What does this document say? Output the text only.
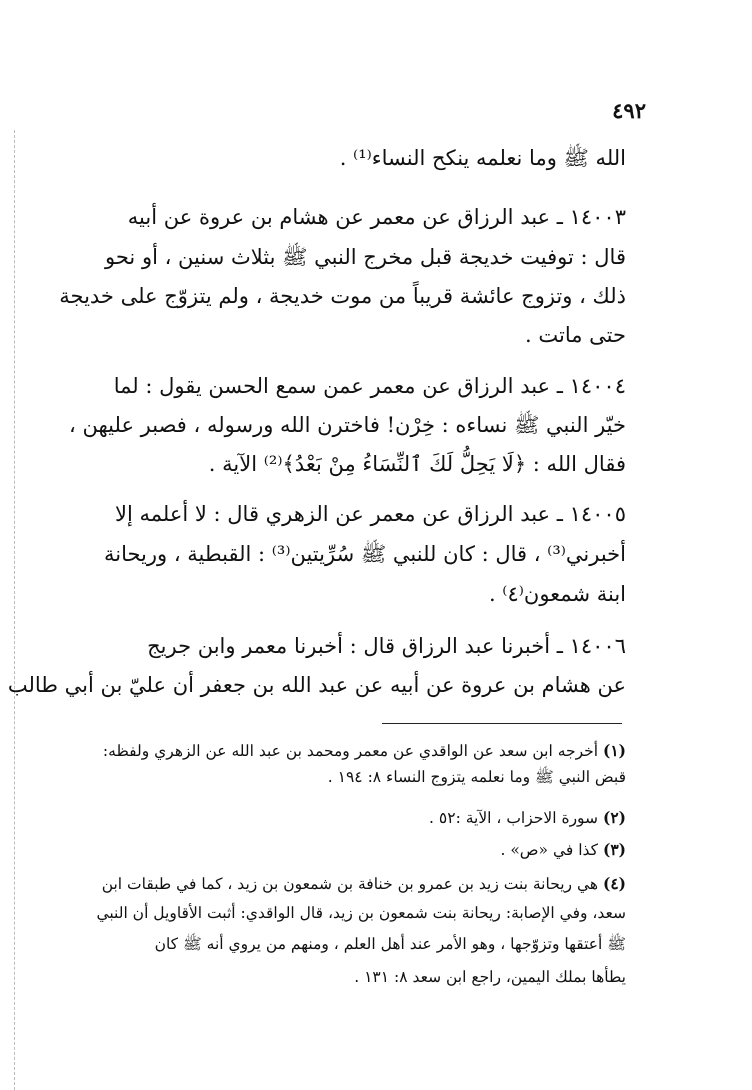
٤٩٢
الله ﷺ وما نعلمه ينكح النساء⁽¹⁾ .
١٤٠٠٣ ـ عبد الرزاق عن معمر عن هشام بن عروة عن أبيه
قال : توفيت خديجة قبل مخرج النبي ﷺ بثلاث سنين ، أو نحو
ذلك ، وتزوج عائشة قريباً من موت خديجة ، ولم يتزوّج على خديجة
حتى ماتت .
١٤٠٠٤ ـ عبد الرزاق عن معمر عمن سمع الحسن يقول : لما
خيّر النبي ﷺ نساءه : خِرْن! فاخترن الله ورسوله ، فصبر عليهن ،
فقال الله : ﴿لَا يَحِلُّ لَكَ ٱلنِّسَاءُ مِنْ بَعْدُ﴾⁽²⁾ الآية .
١٤٠٠٥ ـ عبد الرزاق عن معمر عن الزهري قال : لا أعلمه إلا
أخبرني⁽³⁾ ، قال : كان للنبي ﷺ سُرِّيتين⁽³⁾ : القبطية ، وريحانة
ابنة شمعون⁽٤⁾ .
١٤٠٠٦ ـ أخبرنا عبد الرزاق قال : أخبرنا معمر وابن جريج
عن هشام بن عروة عن أبيه عن عبد الله بن جعفر أن عليّ بن أبي طالب
(١) أخرجه ابن سعد عن الواقدي عن معمر ومحمد بن عبد الله عن الزهري ولفظه:
قبض النبي ﷺ وما نعلمه يتزوج النساء ٨: ١٩٤ .
(٢) سورة الاحزاب ، الآية :٥٢ .
(٣) كذا في «ص» .
(٤) هي ريحانة بنت زيد بن عمرو بن خنافة بن شمعون بن زيد ، كما في طبقات ابن
سعد، وفي الإصابة: ريحانة بنت شمعون بن زيد، قال الواقدي: أثبت الأقاويل أن النبي
ﷺ أعتقها وتزوّجها ، وهو الأمر عند أهل العلم ، ومنهم من يروي أنه ﷺ كان
يطأها بملك اليمين، راجع ابن سعد ٨: ١٣١ .
